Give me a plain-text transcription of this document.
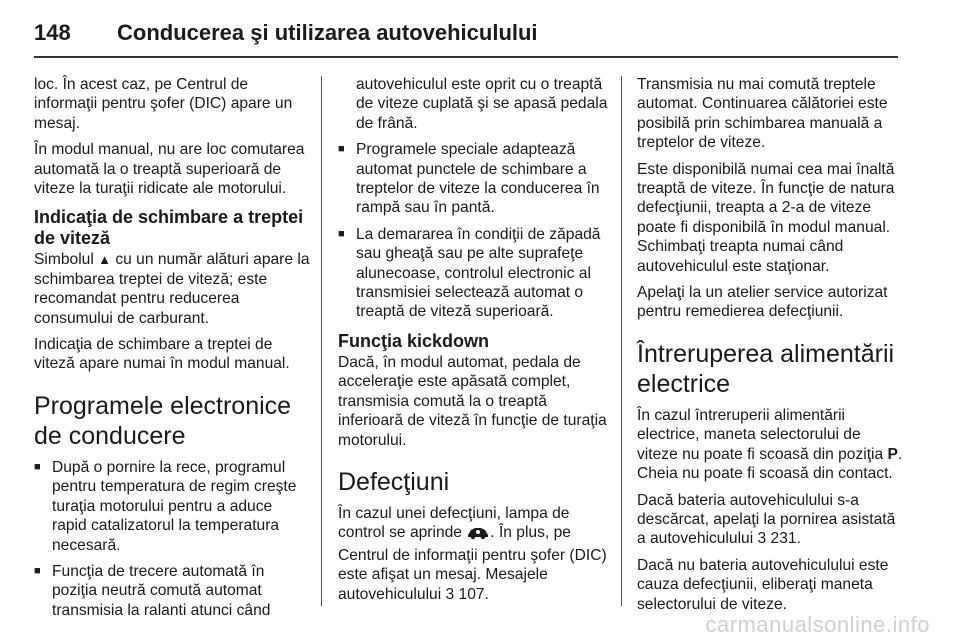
148 Conducerea şi utilizarea autovehiculului

loc. În acest caz, pe Centrul de informaţii pentru şofer (DIC) apare un mesaj.

În modul manual, nu are loc comutarea automată la o treaptă superioară de viteze la turaţii ridicate ale motorului.

Indicaţia de schimbare a treptei de viteză

Simbolul ▲ cu un număr alături apare la schimbarea treptei de viteză; este recomandat pentru reducerea consumului de carburant.

Indicaţia de schimbare a treptei de viteză apare numai în modul manual.

Programele electronice de conducere
■ După o pornire la rece, programul pentru temperatura de regim creşte turaţia motorului pentru a aduce rapid catalizatorul la temperatura necesară.
■ Funcţia de trecere automată în poziţia neutră comută automat transmisia la ralanti atunci când

autovehiculul este oprit cu o treaptă de viteze cuplată şi se apasă pedala de frână.

■ Programele speciale adaptează automat punctele de schimbare a treptelor de viteze la conducerea în rampă sau în pantă.
■ La demararea în condiţii de zăpadă sau gheaţă sau pe alte suprafeţe alunecoase, controlul electronic al transmisiei selectează automat o treaptă de viteză superioară.
Funcţia kickdown

Dacă, în modul automat, pedala de acceleraţie este apăsată complet, transmisia comută la o treaptă inferioară de viteză în funcţie de turaţia motorului.

Defecţiuni

În cazul unei defecţiuni, lampa de control se aprinde . În plus, pe Centrul de informaţii pentru şofer (DIC) este afişat un mesaj. Mesajele autovehiculului 3 107.

Transmisia nu mai comută treptele automat. Continuarea călătoriei este posibilă prin schimbarea manuală a treptelor de viteze.

Este disponibilă numai cea mai înaltă treaptă de viteze. În funcţie de natura defecţiunii, treapta a 2-a de viteze poate fi disponibilă în modul manual. Schimbaţi treapta numai când autovehiculul este staţionar.

Apelaţi la un atelier service autorizat pentru remedierea defecţiunii.

Întreruperea alimentării electrice

În cazul întreruperii alimentării electrice, maneta selectorului de viteze nu poate fi scoasă din poziţia P. Cheia nu poate fi scoasă din contact.

Dacă bateria autovehiculului s-a descărcat, apelaţi la pornirea asistată a autovehiculului 3 231.

Dacă nu bateria autovehiculului este cauza defecţiunii, eliberaţi maneta selectorului de viteze.

carmanualsonline.info
